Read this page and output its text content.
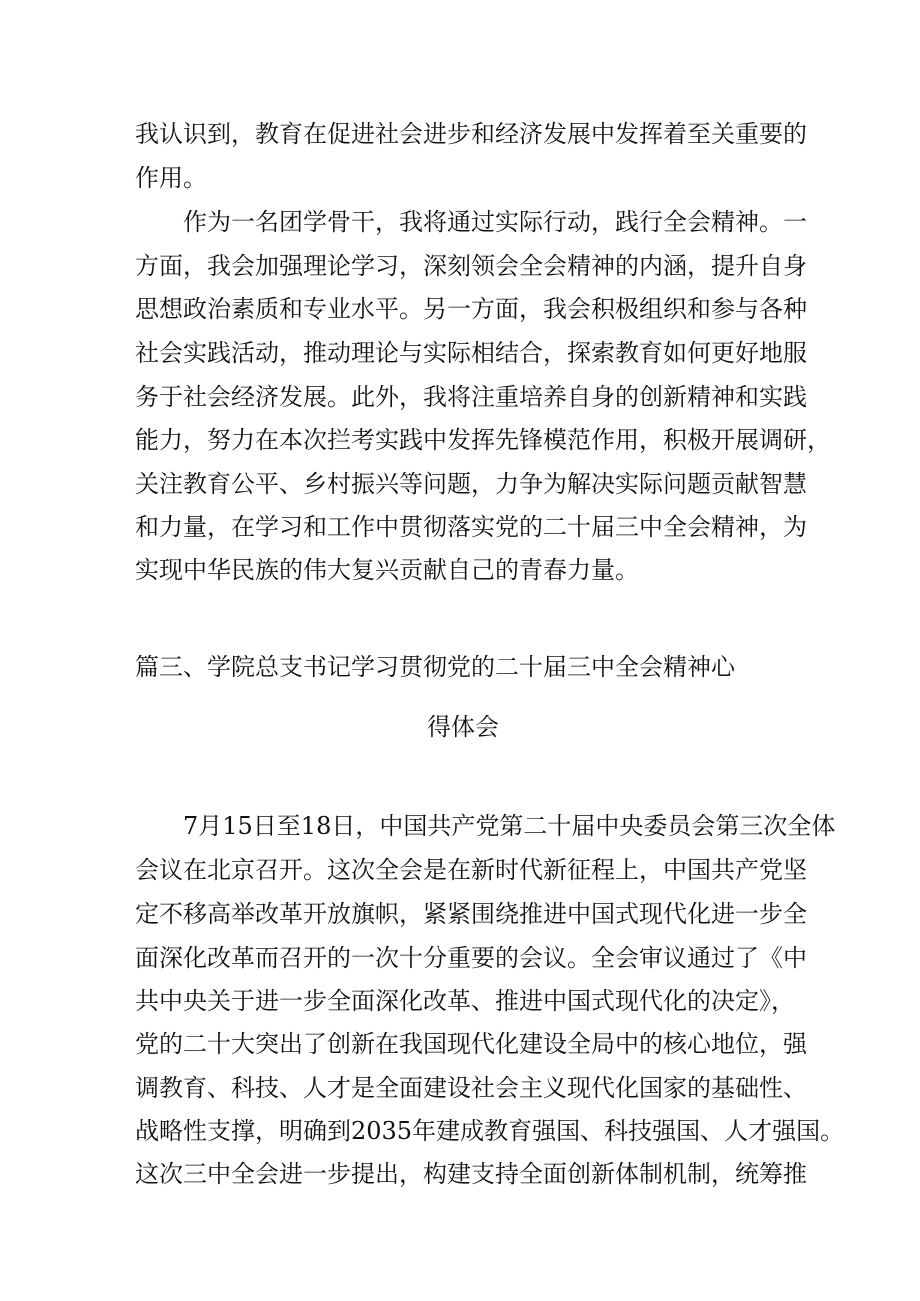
我认识到，教育在促进社会进步和经济发展中发挥着至关重要的
作用。
作为一名团学骨干，我将通过实际行动，践行全会精神。一
方面，我会加强理论学习，深刻领会全会精神的内涵，提升自身
思想政治素质和专业水平。另一方面，我会积极组织和参与各种
社会实践活动，推动理论与实际相结合，探索教育如何更好地服
务于社会经济发展。此外，我将注重培养自身的创新精神和实践
能力，努力在本次拦考实践中发挥先锋模范作用，积极开展调研，
关注教育公平、乡村振兴等问题，力争为解决实际问题贡献智慧
和力量，在学习和工作中贯彻落实党的二十届三中全会精神，为
实现中华民族的伟大复兴贡献自己的青春力量。
篇三、学院总支书记学习贯彻党的二十届三中全会精神心
得体会
7月15日至18日，中国共产党第二十届中央委员会第三次全体
会议在北京召开。这次全会是在新时代新征程上，中国共产党坚
定不移高举改革开放旗帜，紧紧围绕推进中国式现代化进一步全
面深化改革而召开的一次十分重要的会议。全会审议通过了《中
共中央关于进一步全面深化改革、推进中国式现代化的决定》，
党的二十大突出了创新在我国现代化建设全局中的核心地位，强
调教育、科技、人才是全面建设社会主义现代化国家的基础性、
战略性支撑，明确到2035年建成教育强国、科技强国、人才强国。
这次三中全会进一步提出，构建支持全面创新体制机制，统筹推
